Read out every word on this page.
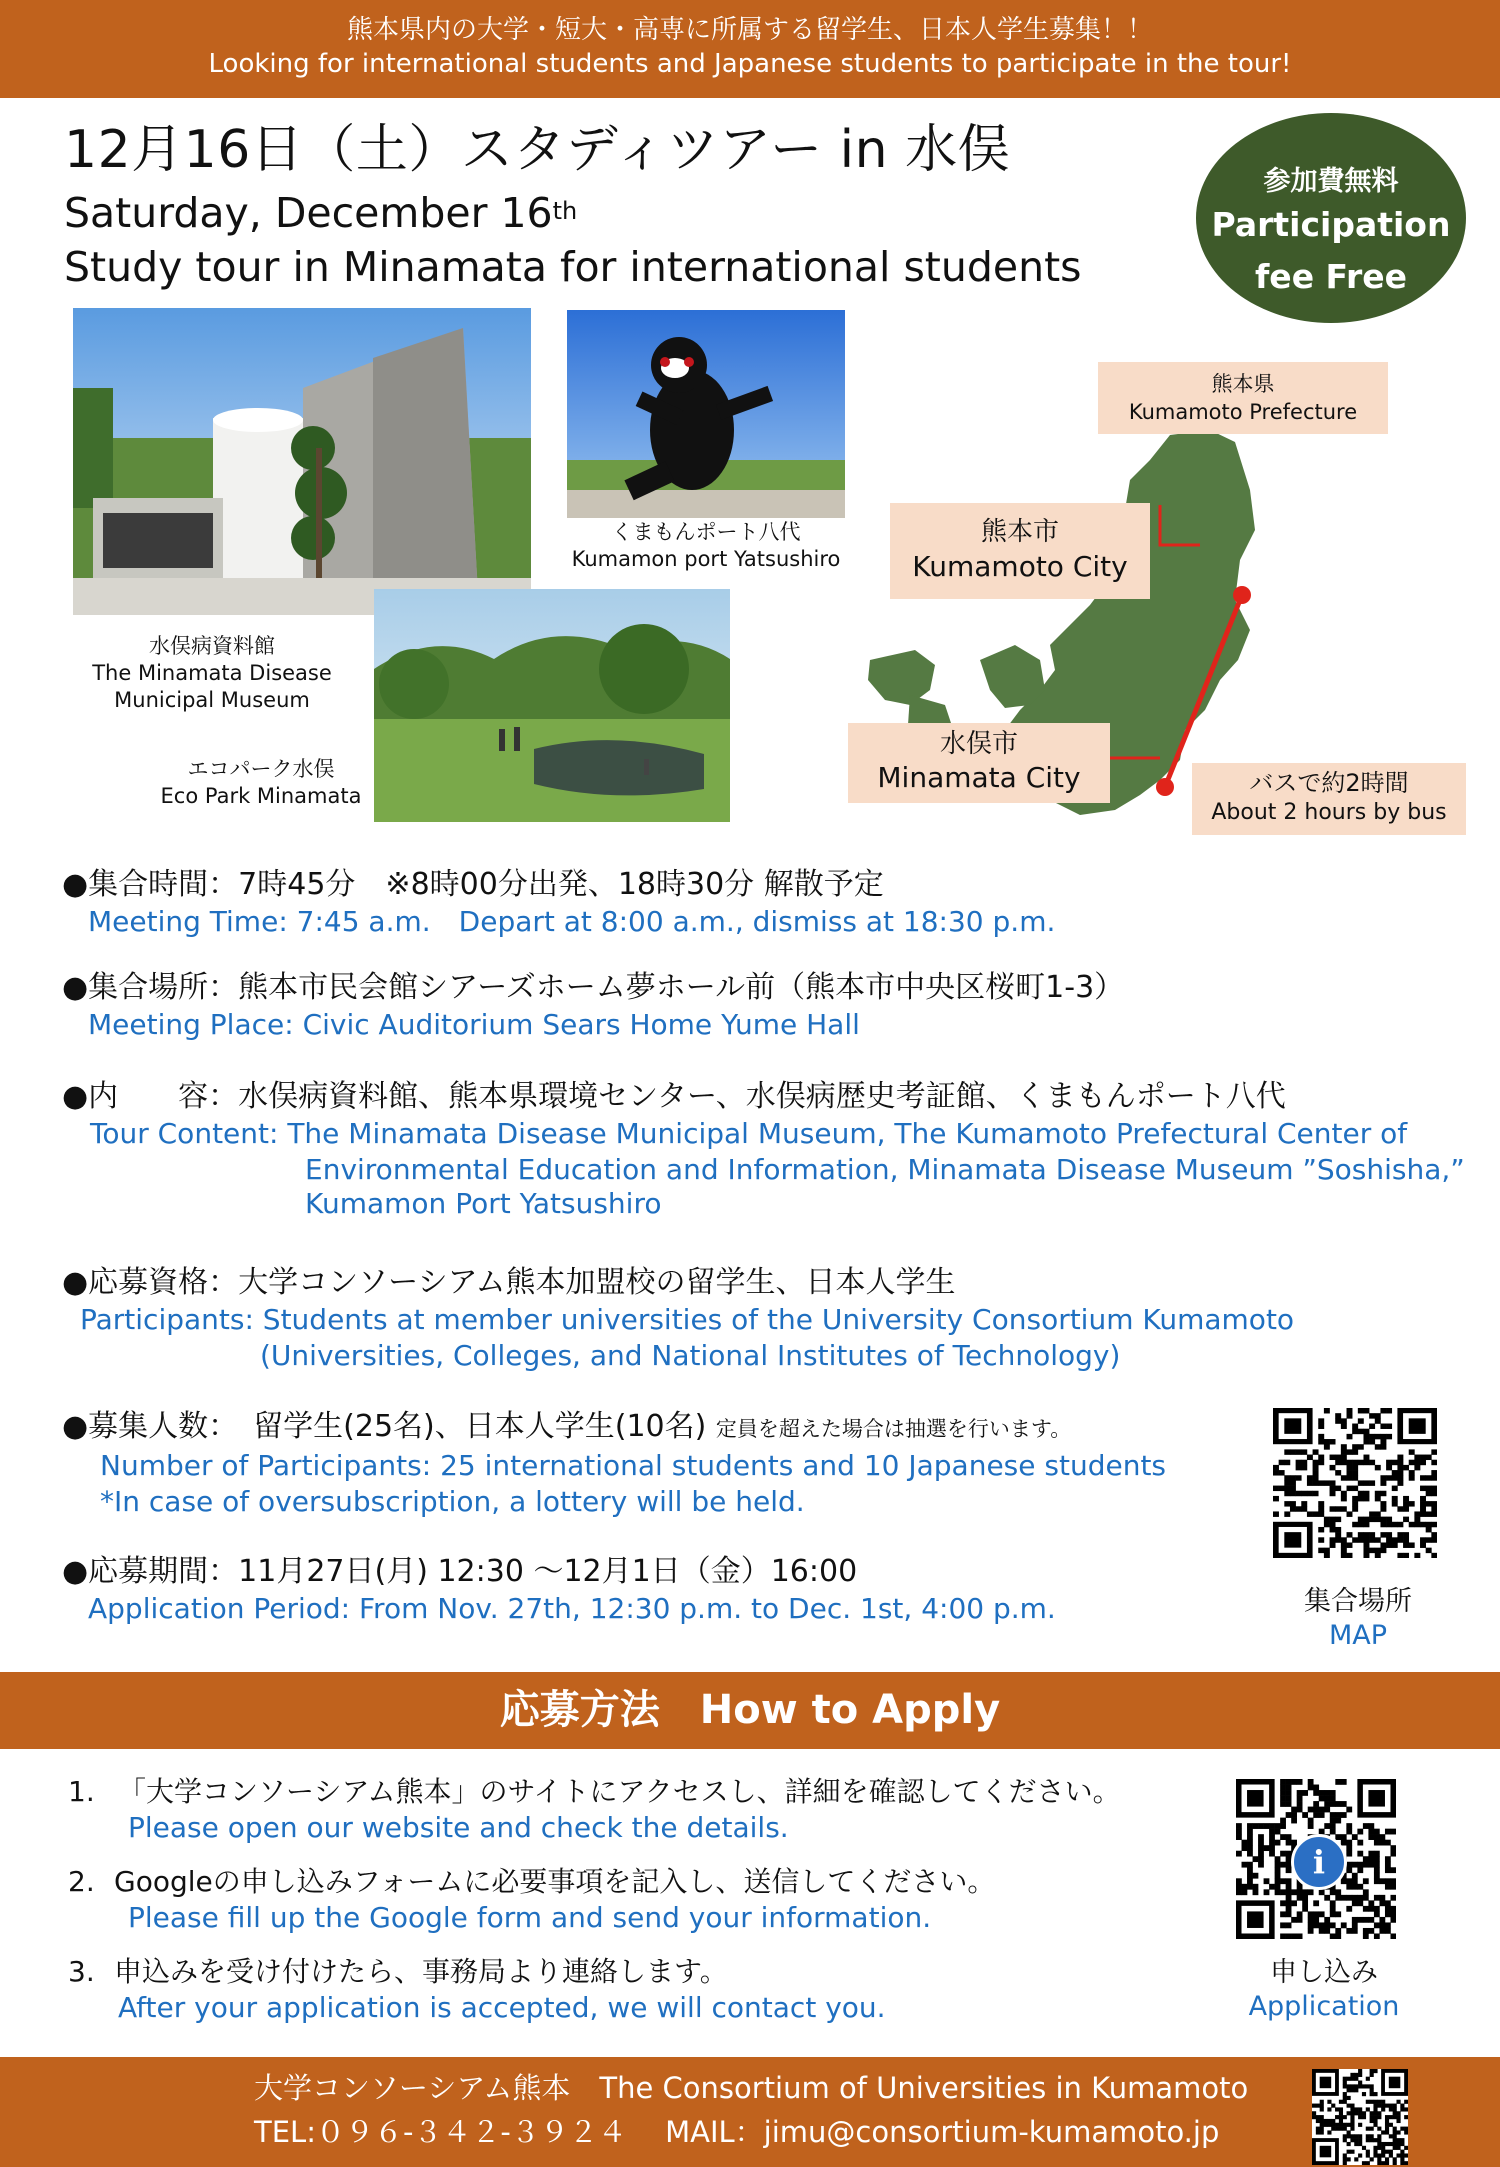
熊本県内の大学・短大・高専に所属する留学生、日本人学生募集！！
Looking for international students and Japanese students to participate in the tour!
12月16日（土）スタディツアー in 水俣
Saturday, December 16th
Study tour in Minamata for international students
参加費無料
Participation
fee Free
水俣病資料館
The Minamata Disease
Municipal Museum
くまもんポート八代
Kumamon port Yatsushiro
エコパーク水俣
Eco Park Minamata
熊本県
Kumamoto Prefecture
熊本市
Kumamoto City
水俣市
Minamata City	バスで約2時間
About 2 hours by bus
●集合時間：7時45分　※8時00分出発、18時30分 解散予定
Meeting Time: 7:45 a.m.　Depart at 8:00 a.m., dismiss at 18:30 p.m.
●集合場所：熊本市民会館シアーズホーム夢ホール前（熊本市中央区桜町1-3）
Meeting Place: Civic Auditorium Sears Home Yume Hall
●内　　容：水俣病資料館、熊本県環境センター、水俣病歴史考証館、くまもんポート八代
Tour Content: The Minamata Disease Municipal Museum, The Kumamoto Prefectural Center of
Environmental Education and Information, Minamata Disease Museum ”Soshisha,”
Kumamon Port Yatsushiro
●応募資格：大学コンソーシアム熊本加盟校の留学生、日本人学生
Participants: Students at member universities of the University Consortium Kumamoto
(Universities, Colleges, and National Institutes of Technology)
●募集人数：　留学生(25名)、日本人学生(10名) 定員を超えた場合は抽選を行います。
Number of Participants: 25 international students and 10 Japanese students
*In case of oversubscription, a lottery will be held.
●応募期間：11月27日(月) 12:30 ～12月1日（金）16:00
Application Period: From Nov. 27th, 12:30 p.m. to Dec. 1st, 4:00 p.m.	集合場所
MAP
応募方法　How to Apply
1. 「大学コンソーシアム熊本」のサイトにアクセスし、詳細を確認してください。
Please open our website and check the details.
2. Googleの申し込みフォームに必要事項を記入し、送信してください。
Please fill up the Google form and send your information.
3. 申込みを受け付けたら、事務局より連絡します。
After your application is accepted, we will contact you.
i
申し込み
Application
大学コンソーシアム熊本　The Consortium of Universities in Kumamoto
TEL:０９６-３４２-３９２４　 MAIL：jimu@consortium-kumamoto.jp
